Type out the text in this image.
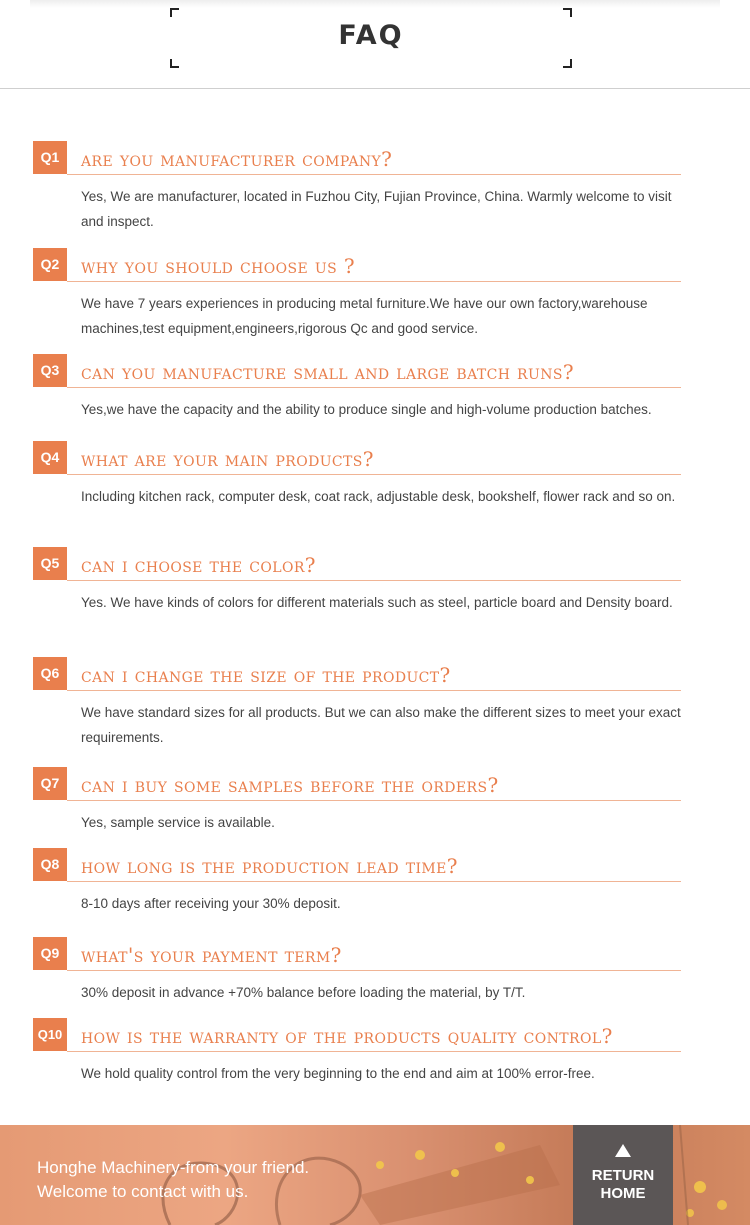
FAQ
Q1	are you manufacturer company?
Yes, We are manufacturer, located in Fuzhou City, Fujian Province, China. Warmly welcome to visit and inspect.
Q2	why you should choose us ?
We have 7 years experiences in producing metal furniture.We have our own factory,warehouse machines,test equipment,engineers,rigorous Qc and good service.
Q3	can you manufacture small and large batch runs?
Yes,we have the capacity and the ability to produce single and high-volume production batches.
Q4	what are your main products?
Including kitchen rack, computer desk, coat rack, adjustable desk, bookshelf, flower rack and so on.
Q5	can i choose the color?
Yes. We have kinds of colors for different materials such as steel, particle board and Density board.
Q6	can i change the size of the product?
We have standard sizes for all products. But we can also make the different sizes to meet your exact requirements.
Q7	can i buy some samples before the orders?
Yes, sample service is available.
Q8	how long is the production lead time?
8-10 days after receiving your 30% deposit.
Q9	what's your payment term?
30% deposit in advance +70% balance before loading the material, by T/T.
Q10 how is the warranty of the products quality control?
We hold quality control from the very beginning to the end and aim at 100% error-free.
Honghe Machinery-from your friend.
Welcome to contact with us.
RETURN
HOME
